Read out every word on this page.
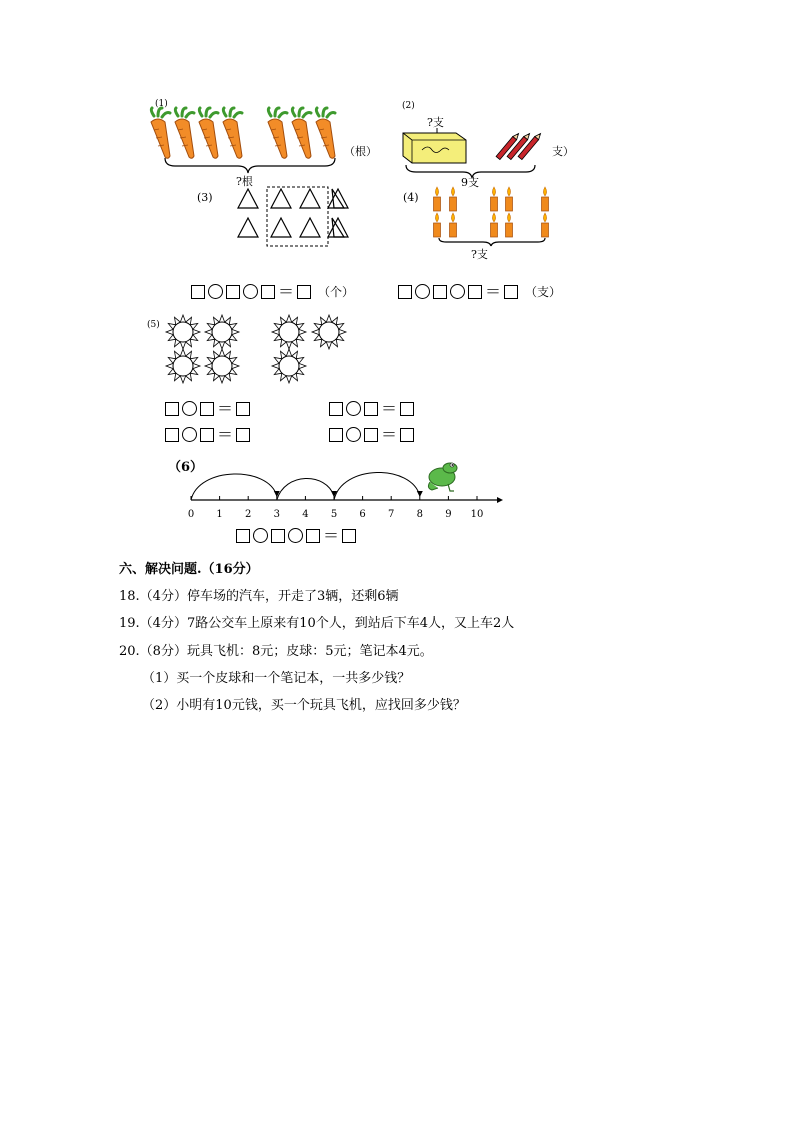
(1)
（根）
?根
(2)
?支
支）
9支
(3)	(4)
?支
＝ （个）	＝ （支）
(5)
＝	＝
＝	＝
（6）
0 1 2 3 4 5 6 7 8 9 10
＝
六、解决问题.（16分）
18.（4分）停车场的汽车，开走了3辆，还剩6辆
19.（4分）7路公交车上原来有10个人，到站后下车4人，又上车2人
20.（8分）玩具飞机：8元；皮球：5元；笔记本4元。
（1）买一个皮球和一个笔记本，一共多少钱？
（2）小明有10元钱，买一个玩具飞机，应找回多少钱？
